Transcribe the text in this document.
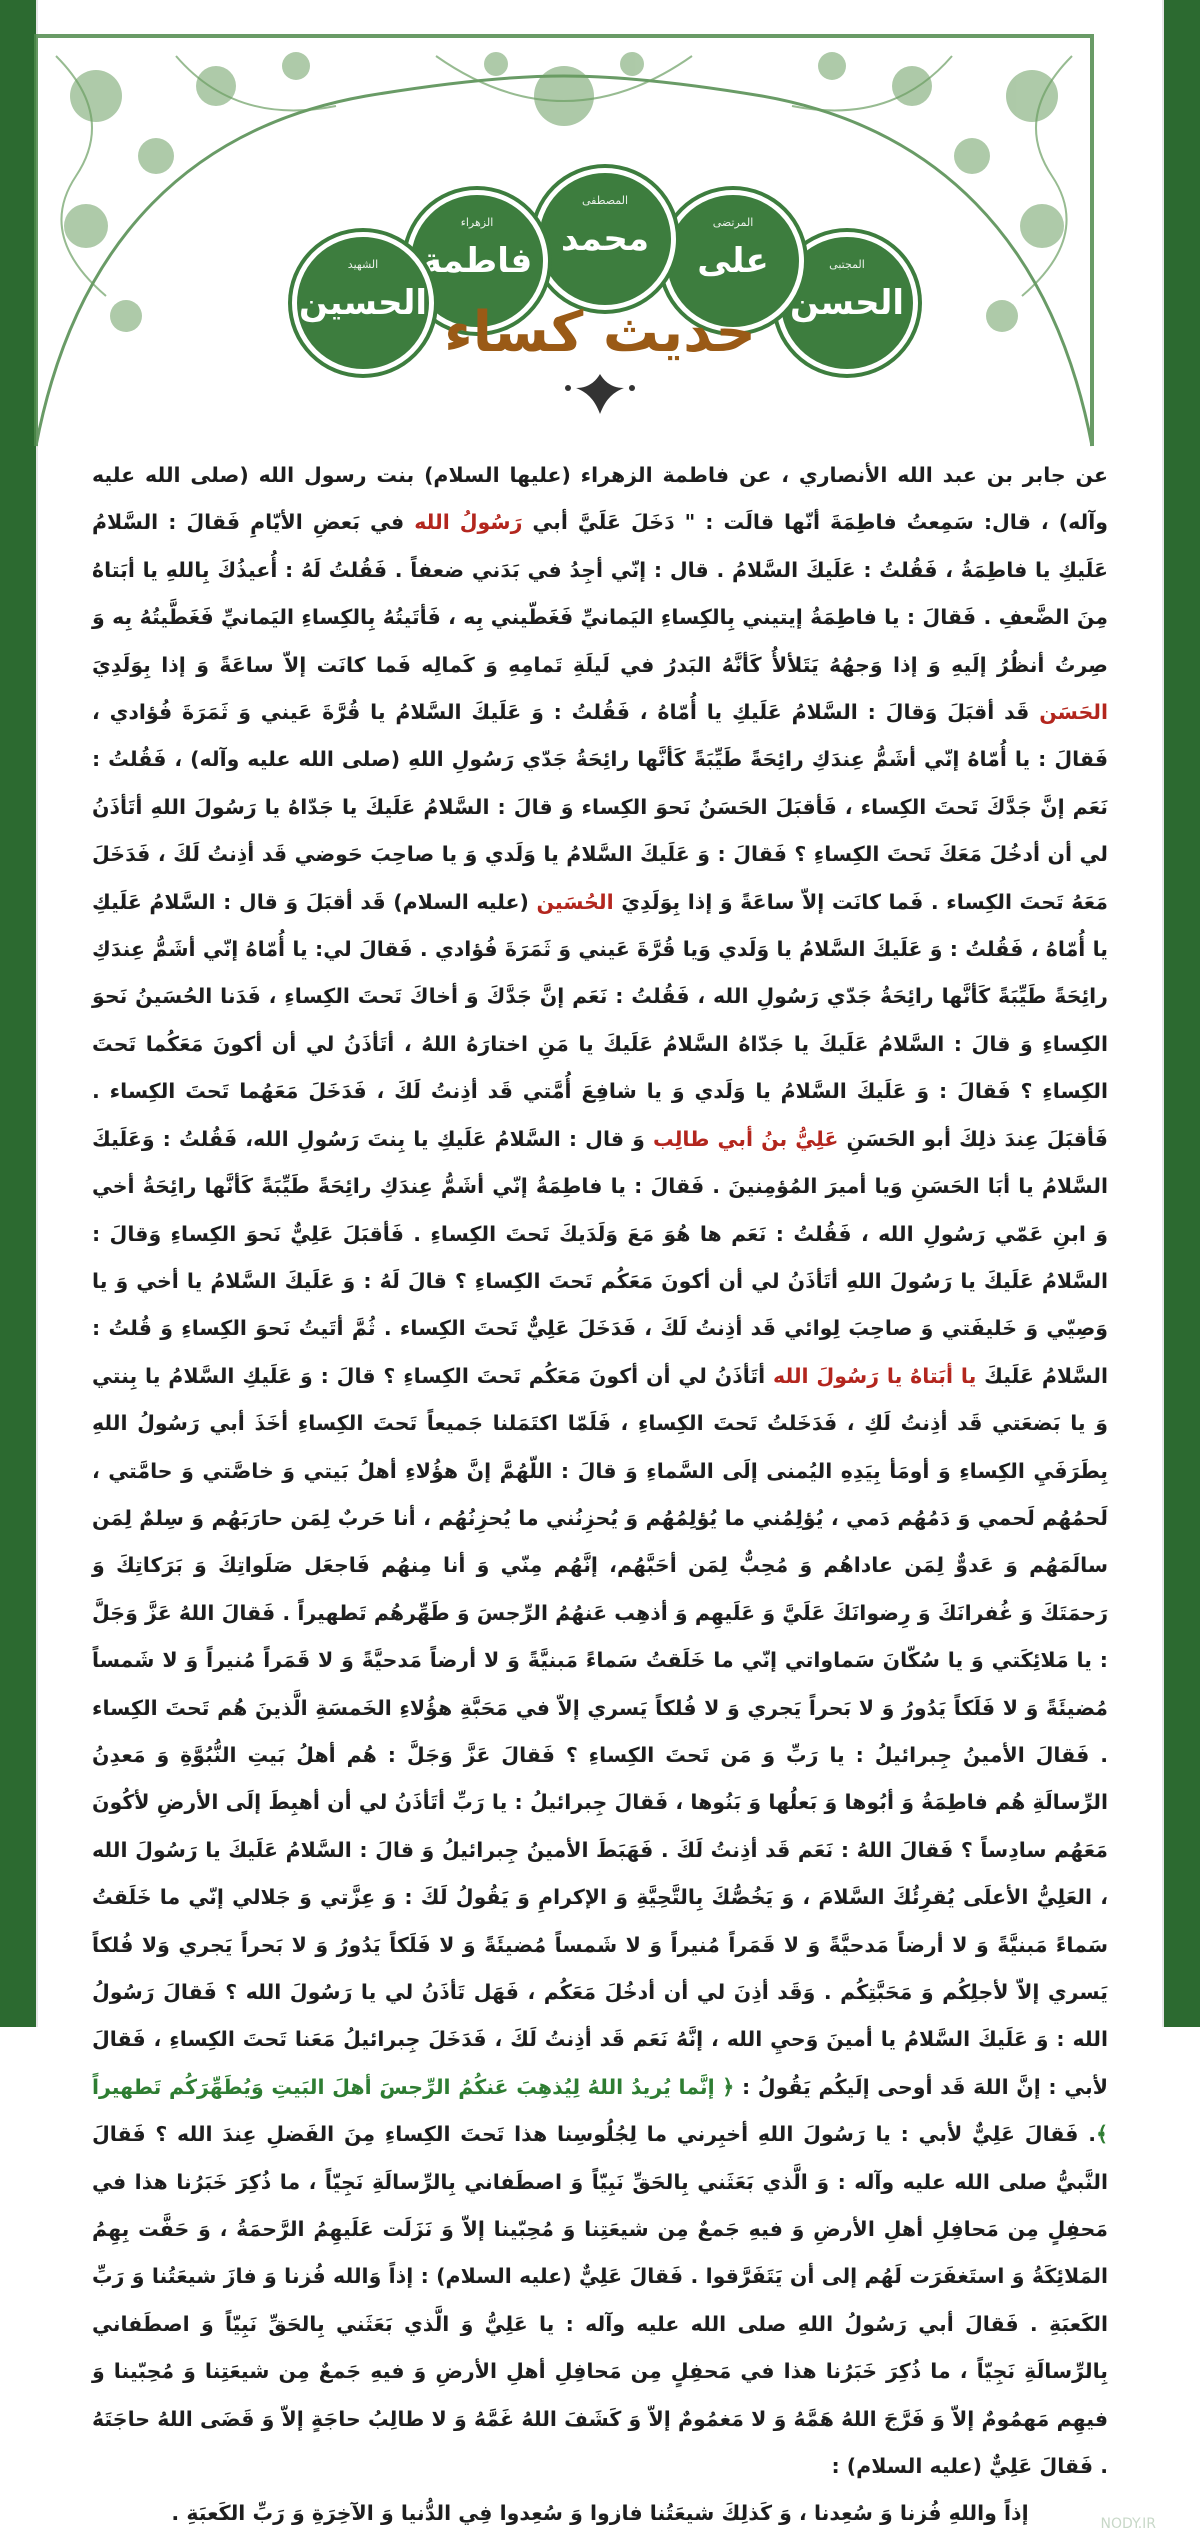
المجتبی
الحسن
المرتضی
علی
المصطفی
محمد
الزهراء
فاطمة
الشهید
الحسین حدیث کساء
عن جابر بن عبد الله الأنصاري ، عن فاطمة الزهراء (عليها السلام) بنت رسول الله (صلى الله عليه وآله) ، قال: سَمِعتُ فاطِمَةَ أنّها قالَت : " دَخَلَ عَلَيَّ أبي رَسُولُ الله في بَعضِ الأيّامِ فَقالَ : السَّلامُ عَلَيكِ يا فاطِمَةُ ، فَقُلتُ : عَلَيكَ السَّلامُ . قال : إنّي أجِدُ في بَدَني ضعفاً . فَقُلتُ لَهُ : أُعيذُكَ بِاللهِ يا أبَتاهُ مِنَ الضَّعفِ . فَقالَ : يا فاطِمَةُ إيتيني بِالكِساءِ اليَمانيِّ فَغَطّيني بِه ، فَأتَيتُهُ بِالكِساءِ اليَمانيِّ فَغَطَّيتُهُ بِه وَ صِرتُ أنظُرُ إلَيهِ وَ إذا وَجهُهُ يَتَلألأُ كَأنَّهُ البَدرُ في لَيلَةِ تَمامِهِ وَ كَمالِه فَما كانَت إلاّ ساعَةً وَ إذا بِوَلَدِيَ الحَسَن قَد أقبَلَ وَقالَ : السَّلامُ عَلَيكِ يا أُمّاهُ ، فَقُلتُ : وَ عَلَيكَ السَّلامُ يا قُرَّةَ عَيني وَ ثَمَرَةَ فُؤادي ، فَقالَ : يا أُمّاهُ إنّي أشَمُّ عِندَكِ رائِحَةً طَيِّبَةً كَأنَّها رائِحَةُ جَدّي رَسُولِ اللهِ (صلى الله عليه وآله) ، فَقُلتُ : نَعَم إنَّ جَدَّكَ تَحتَ الكِساء ، فَأقبَلَ الحَسَنُ نَحوَ الكِساء وَ قالَ : السَّلامُ عَلَيكَ يا جَدّاهُ يا رَسُولَ اللهِ أتَأذَنُ لي أن أدخُلَ مَعَكَ تَحتَ الكِساءِ ؟ فَقالَ : وَ عَلَيكَ السَّلامُ يا وَلَدي وَ يا صاحِبَ حَوضي قَد أذِنتُ لَكَ ، فَدَخَلَ مَعَهُ تَحتَ الكِساء . فَما كانَت إلاّ ساعَةً وَ إذا بِوَلَدِيَ الحُسَين (عليه السلام) قَد أقبَلَ وَ قال : السَّلامُ عَلَيكِ يا أُمّاهُ ، فَقُلتُ : وَ عَلَيكَ السَّلامُ يا وَلَدي وَيا قُرَّةَ عَيني وَ ثَمَرَةَ فُؤادي . فَقالَ لي: يا أُمّاهُ إنّي أشَمُّ عِندَكِ رائِحَةً طَيِّبَةً كَأنَّها رائِحَةُ جَدّي رَسُولِ الله ، فَقُلتُ : نَعَم إنَّ جَدَّكَ وَ أخاكَ تَحتَ الكِساءِ ، فَدَنا الحُسَينُ نَحوَ الكِساءِ وَ قالَ : السَّلامُ عَلَيكَ يا جَدّاهُ السَّلامُ عَلَيكَ يا مَنِ اختارَهُ اللهُ ، أتَأذَنُ لي أن أكونَ مَعَكُما تَحتَ الكِساءِ ؟ فَقالَ : وَ عَلَيكَ السَّلامُ يا وَلَدي وَ يا شافِعَ أُمَّتي قَد أذِنتُ لَكَ ، فَدَخَلَ مَعَهُما تَحتَ الكِساء . فَأقبَلَ عِندَ ذلِكَ أبو الحَسَنِ عَلِيُّ بنُ أبي طالِب وَ قال : السَّلامُ عَلَيكِ يا بِنتَ رَسُولِ الله، فَقُلتُ : وَعَلَيكَ السَّلامُ يا أبَا الحَسَنِ وَيا أميرَ المُؤمِنينَ . فَقالَ : يا فاطِمَةُ إنّي أشَمُّ عِندَكِ رائِحَةً طَيِّبَةً كَأنَّها رائِحَةُ أخي وَ ابنِ عَمّي رَسُولِ الله ، فَقُلتُ : نَعَم ها هُوَ مَعَ وَلَدَيكَ تَحتَ الكِساءِ . فَأقبَلَ عَلِيٌّ نَحوَ الكِساءِ وَقالَ : السَّلامُ عَلَيكَ يا رَسُولَ اللهِ أتَأذَنُ لي أن أكونَ مَعَكُم تَحتَ الكِساءِ ؟ قالَ لَهُ : وَ عَلَيكَ السَّلامُ يا أخي وَ يا وَصِيّي وَ خَليفَتي وَ صاحِبَ لِوائي قَد أذِنتُ لَكَ ، فَدَخَلَ عَلِيٌّ تَحتَ الكِساء . ثُمَّ أتَيتُ نَحوَ الكِساءِ وَ قُلتُ : السَّلامُ عَلَيكَ يا أبَتاهُ يا رَسُولَ الله أتَأذَنُ لي أن أكونَ مَعَكُم تَحتَ الكِساءِ ؟ قالَ : وَ عَلَيكِ السَّلامُ يا بِنتي وَ يا بَضعَتي قَد أذِنتُ لَكِ ، فَدَخَلتُ تَحتَ الكِساءِ ، فَلَمّا اكتَمَلنا جَميعاً تَحتَ الكِساءِ أخَذَ أبي رَسُولُ اللهِ بِطَرَفَيِ الكِساءِ وَ أومَأ بِيَدِهِ اليُمنى إلَى السَّماءِ وَ قالَ : اللّهُمَّ إنَّ هؤُلاءِ أهلُ بَيتي وَ خاصَّتي وَ حامَّتي ، لَحمُهُم لَحمي وَ دَمُهُم دَمي ، يُؤلِمُني ما يُؤلِمُهُم وَ يُحزِنُني ما يُحزِنُهُم ، أنا حَربٌ لِمَن حارَبَهُم وَ سِلمٌ لِمَن سالَمَهُم وَ عَدوٌّ لِمَن عاداهُم وَ مُحِبٌّ لِمَن أحَبَّهُم، إنَّهُم مِنّي وَ أنا مِنهُم فَاجعَل صَلَواتِكَ وَ بَرَكاتِكَ وَ رَحمَتَكَ وَ غُفرانَكَ وَ رِضوانَكَ عَلَيَّ وَ عَلَيهِم وَ أذهِب عَنهُمُ الرِّجسَ وَ طَهِّرهُم تَطهيراً . فَقالَ اللهُ عَزَّ وَجَلَّ : يا مَلائِكَتي وَ يا سُكّانَ سَماواتي إنّي ما خَلَقتُ سَماءً مَبنيَّةً وَ لا أرضاً مَدحيَّةً وَ لا قَمَراً مُنيراً وَ لا شَمساً مُضيئَةً وَ لا فَلَكاً يَدُورُ وَ لا بَحراً يَجري وَ لا فُلكاً يَسري إلاّ في مَحَبَّةِ هؤُلاءِ الخَمسَةِ الَّذينَ هُم تَحتَ الكِساء . فَقالَ الأمينُ جِبرائيلُ : يا رَبِّ وَ مَن تَحتَ الكِساءِ ؟ فَقالَ عَزَّ وَجَلَّ : هُم أهلُ بَيتِ النُّبُوَّةِ وَ مَعدِنُ الرِّسالَةِ هُم فاطِمَةُ وَ أبُوها وَ بَعلُها وَ بَنُوها ، فَقالَ جِبرائيلُ : يا رَبِّ أتَأذَنُ لي أن أهبِطَ إلَى الأرضِ لأكُونَ مَعَهُم سادِساً ؟ فَقالَ اللهُ : نَعَم قَد أذِنتُ لَكَ . فَهَبَطَ الأمينُ جِبرائيلُ وَ قالَ : السَّلامُ عَلَيكَ يا رَسُولَ الله ، العَلِيُّ الأعلَى يُقرِئُكَ السَّلامَ ، وَ يَخُصُّكَ بِالتَّحِيَّةِ وَ الإكرامِ وَ يَقُولُ لَكَ : وَ عِزَّتي وَ جَلالي إنّي ما خَلَقتُ سَماءً مَبنيَّةً وَ لا أرضاً مَدحيَّةً وَ لا قَمَراً مُنيراً وَ لا شَمساً مُضيئَةً وَ لا فَلَكاً يَدُورُ وَ لا بَحراً يَجري وَلا فُلكاً يَسري إلاّ لأجلِكُم وَ مَحَبَّتِكُم . وَقَد أذِنَ لي أن أدخُلَ مَعَكُم ، فَهَل تَأذَنُ لي يا رَسُولَ الله ؟ فَقالَ رَسُولُ الله : وَ عَلَيكَ السَّلامُ يا أمينَ وَحيِ الله ، إنَّهُ نَعَم قَد أذِنتُ لَكَ ، فَدَخَلَ جِبرائيلُ مَعَنا تَحتَ الكِساءِ ، فَقالَ لأبي : إنَّ اللهَ قَد أوحى إلَيكُم يَقُولُ : ﴿ إنَّما يُريدُ اللهُ لِيُذهِبَ عَنكُمُ الرِّجسَ أهلَ البَيتِ وَيُطَهِّرَكُم تَطهيراً ﴾. فَقالَ عَلِيٌّ لأبي : يا رَسُولَ اللهِ أخبِرني ما لِجُلُوسِنا هذا تَحتَ الكِساءِ مِنَ الفَضلِ عِندَ الله ؟ فَقالَ النَّبيُّ صلى الله عليه وآله : وَ الَّذي بَعَثَني بِالحَقِّ نَبِيّاً وَ اصطَفاني بِالرِّسالَةِ نَجِيّاً ، ما ذُكِرَ خَبَرُنا هذا في مَحفِلٍ مِن مَحافِلِ أهلِ الأرضِ وَ فيهِ جَمعٌ مِن شيعَتِنا وَ مُحِبّينا إلاّ وَ نَزَلَت عَلَيهِمُ الرَّحمَةُ ، وَ حَفَّت بِهِمُ المَلائِكَةُ وَ استَغفَرَت لَهُم إلى أن يَتَفَرَّقوا . فَقالَ عَلِيٌّ (عليه السلام) : إذاً وَالله فُزنا وَ فازَ شيعَتُنا وَ رَبِّ الكَعبَةِ . فَقالَ أبي رَسُولُ اللهِ صلى الله عليه وآله : يا عَلِيُّ وَ الَّذي بَعَثَني بِالحَقِّ نَبِيّاً وَ اصطَفاني بِالرِّسالَةِ نَجِيّاً ، ما ذُكِرَ خَبَرُنا هذا في مَحفِلٍ مِن مَحافِلِ أهلِ الأرضِ وَ فيهِ جَمعٌ مِن شيعَتِنا وَ مُحِبّينا وَ فيهِم مَهمُومٌ إلاّ وَ فَرَّجَ اللهُ هَمَّهُ وَ لا مَغمُومٌ إلاّ وَ كَشَفَ اللهُ غَمَّهُ وَ لا طالِبُ حاجَةٍ إلاّ وَ قَضَى اللهُ حاجَتَهُ . فَقالَ عَلِيٌّ (عليه السلام) :
إذاً واللهِ فُزنا وَ سُعِدنا ، وَ كَذلِكَ شيعَتُنا فازوا وَ سُعِدوا فِي الدُّنيا وَ الآخِرَةِ وَ رَبِّ الكَعبَةِ .	NODY.IR
